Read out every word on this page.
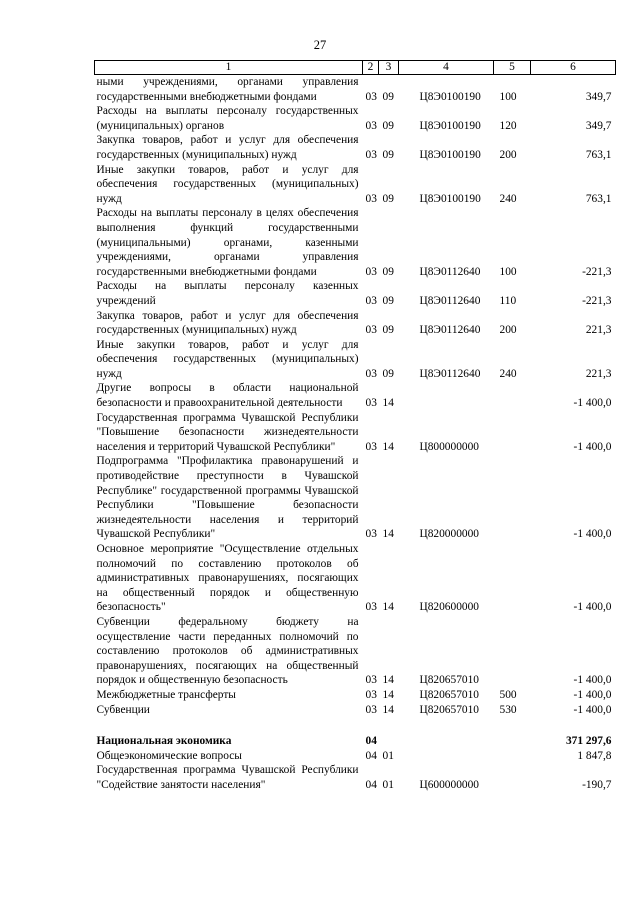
27
1	2	3	4	5	6
ными учреждениями, органами управления государственными внебюджетными фондами	03	09	Ц8Э0100190	100	349,7
Расходы на выплаты персоналу государственных (муниципальных) органов	03	09	Ц8Э0100190	120	349,7
Закупка товаров, работ и услуг для обеспечения государственных (муниципальных) нужд	03	09	Ц8Э0100190	200	763,1
Иные закупки товаров, работ и услуг для обеспечения государственных (муниципальных) нужд	03	09	Ц8Э0100190	240	763,1
Расходы на выплаты персоналу в целях обеспечения выполнения функций государственными (муниципальными) органами, казенными учреждениями, органами управления государственными внебюджетными фондами	03	09	Ц8Э0112640	100	-221,3
Расходы на выплаты персоналу казенных учреждений	03	09	Ц8Э0112640	110	-221,3
Закупка товаров, работ и услуг для обеспечения государственных (муниципальных) нужд	03	09	Ц8Э0112640	200	221,3
Иные закупки товаров, работ и услуг для обеспечения государственных (муниципальных) нужд	03	09	Ц8Э0112640	240	221,3
Другие вопросы в области национальной безопасности и правоохранительной деятельности	03	14			-1 400,0
Государственная программа Чувашской Республики "Повышение безопасности жизнедеятельности населения и территорий Чувашской Республики"	03	14	Ц800000000		-1 400,0
Подпрограмма "Профилактика правонарушений и противодействие преступности в Чувашской Республике" государственной программы Чувашской Республики "Повышение безопасности жизнедеятельности населения и территорий Чувашской Республики"	03	14	Ц820000000		-1 400,0
Основное мероприятие "Осуществление отдельных полномочий по составлению протоколов об административных правонарушениях, посягающих на общественный порядок и общественную безопасность"	03	14	Ц820600000		-1 400,0
Субвенции федеральному бюджету на осуществление части переданных полномочий по составлению протоколов об административных правонарушениях, посягающих на общественный порядок и общественную безопасность	03	14	Ц820657010		-1 400,0
Межбюджетные трансферты	03	14	Ц820657010	500	-1 400,0
Субвенции	03	14	Ц820657010	530	-1 400,0

Национальная экономика	04				371 297,6
Общеэкономические вопросы	04	01			1 847,8
Государственная программа Чувашской Республики "Содействие занятости населения"	04	01	Ц600000000		-190,7
